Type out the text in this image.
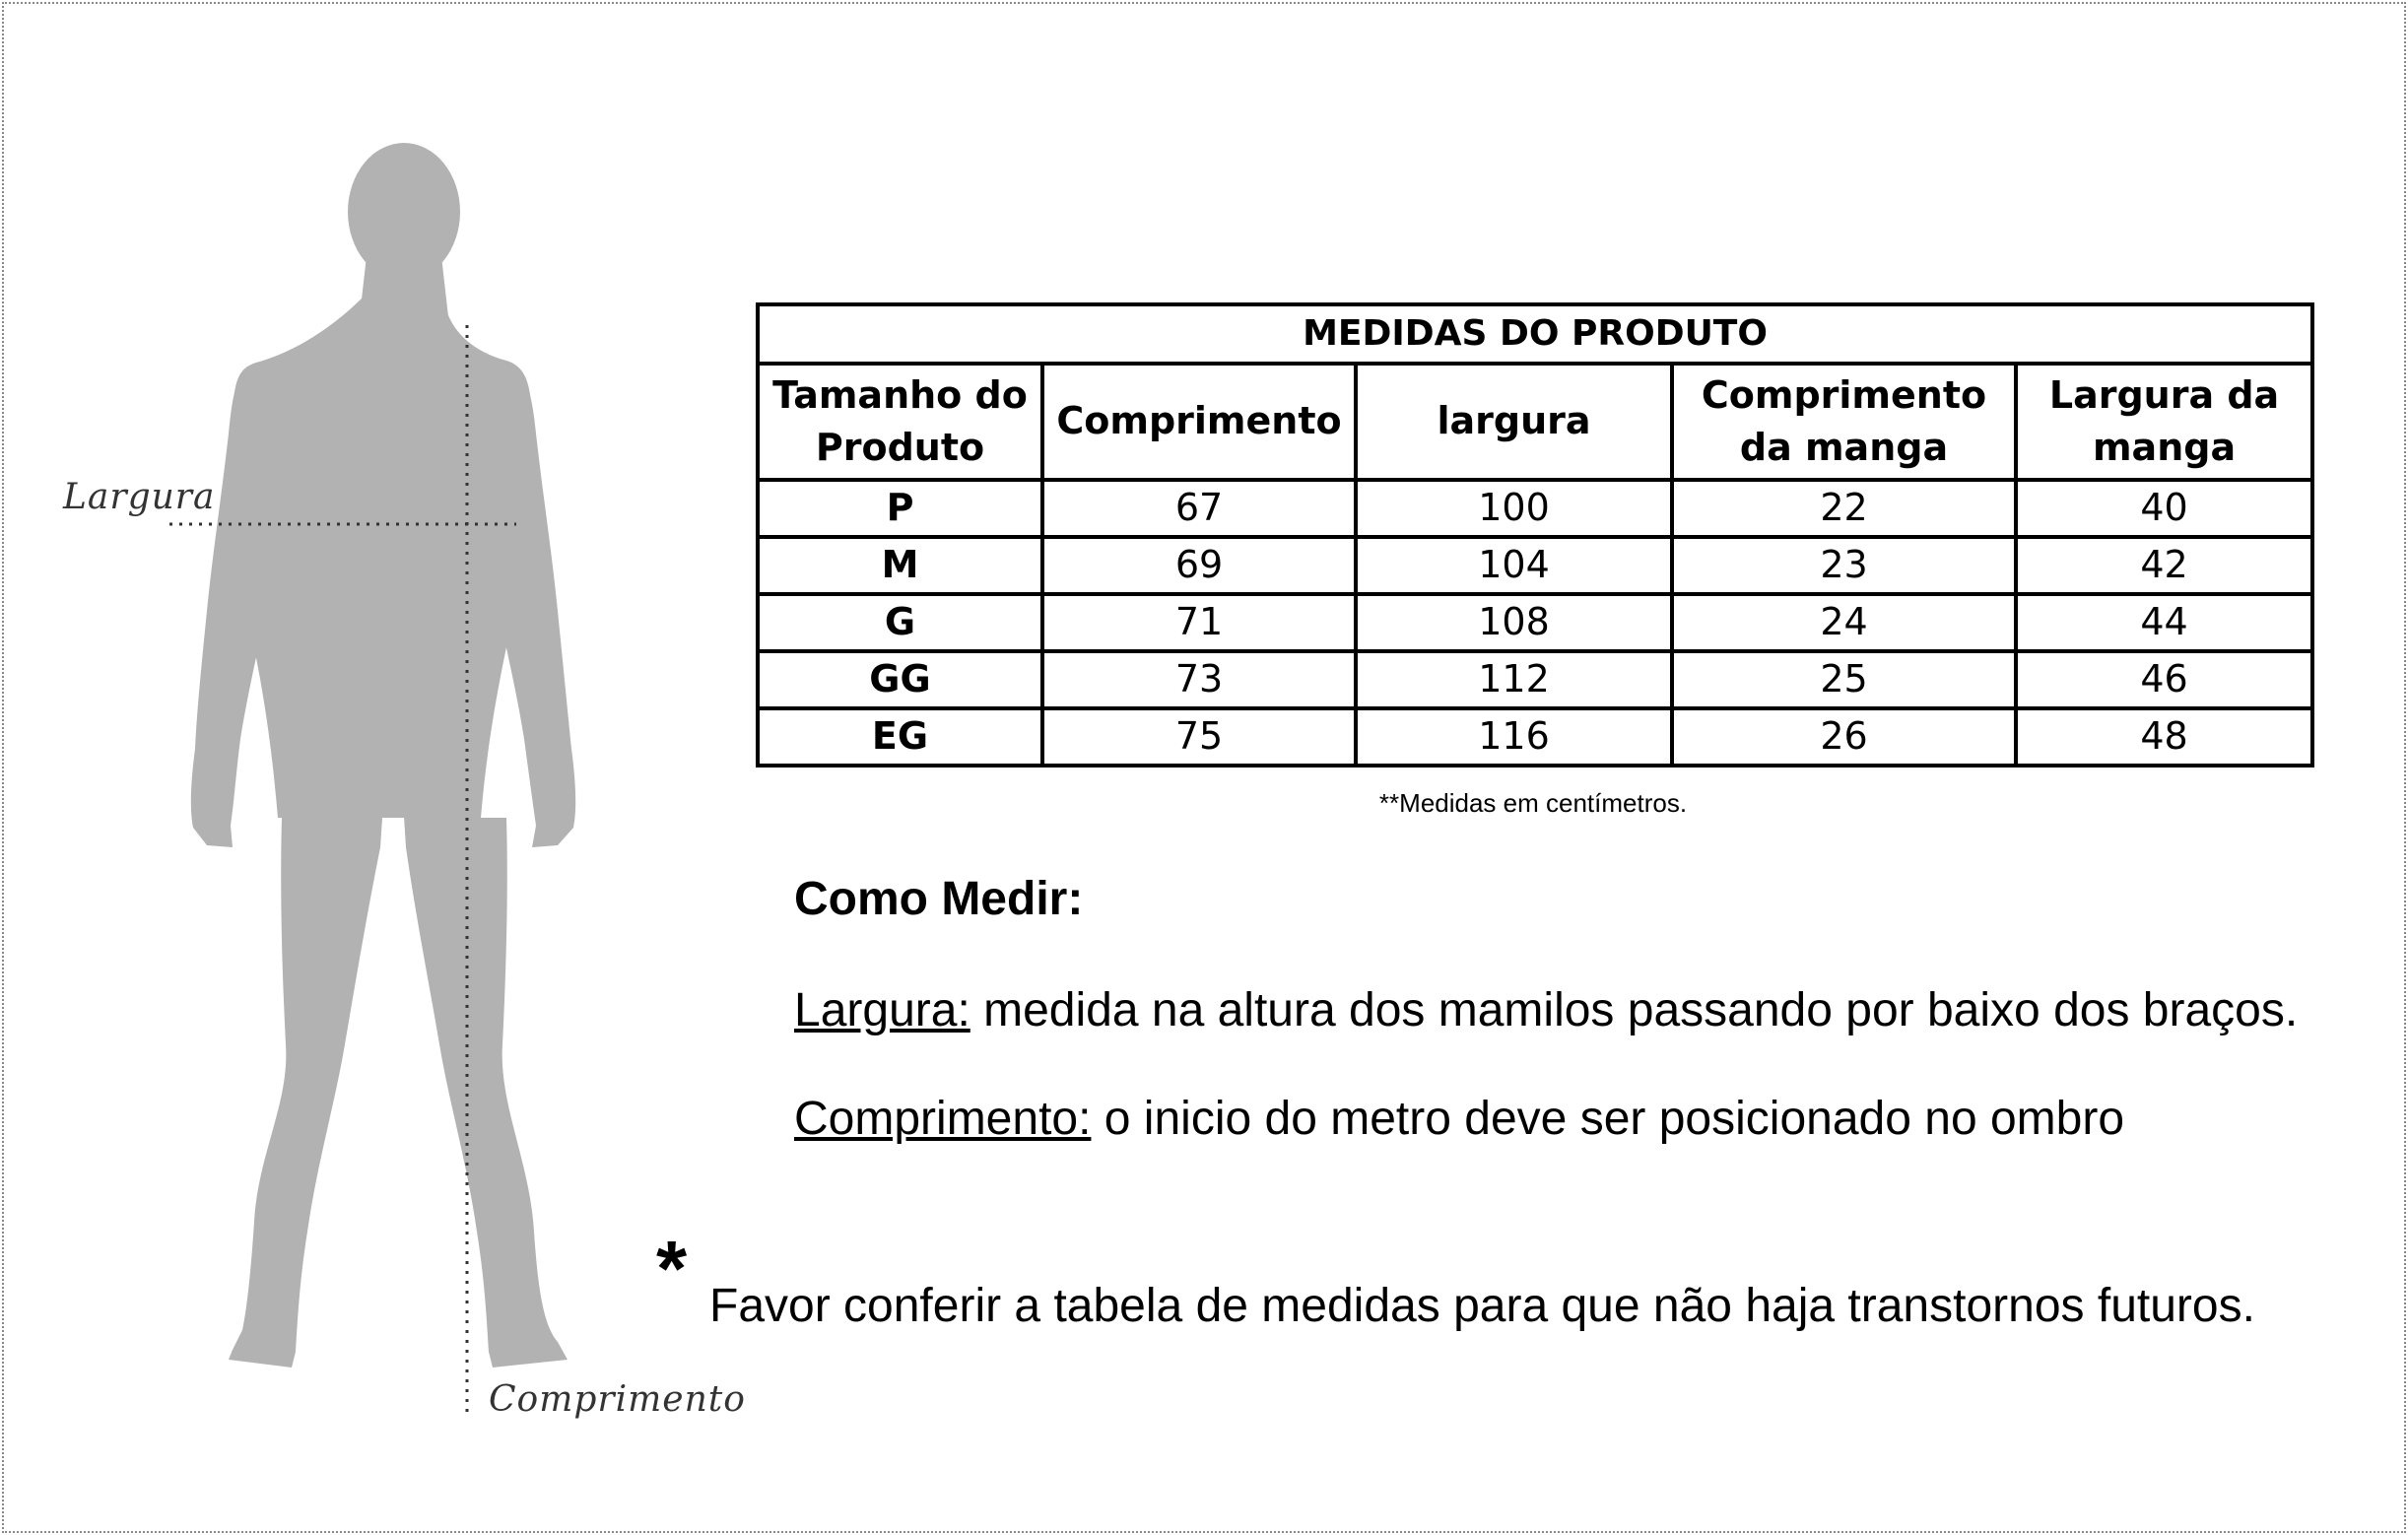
Largura
Comprimento
MEDIDAS DO PRODUTO				
Tamanho do Produto	Comprimento	largura	Comprimento da manga	Largura da manga
P	67	100	22	40
M	69	104	23	42
G	71	108	24	44
GG	73	112	25	46
EG	75	116	26	48
**Medidas em centímetros.
Como Medir:
Largura: medida na altura dos mamilos passando por baixo dos braços.
Comprimento: o inicio do metro deve ser posicionado no ombro
* Favor conferir a tabela de medidas para que não haja transtornos futuros.
